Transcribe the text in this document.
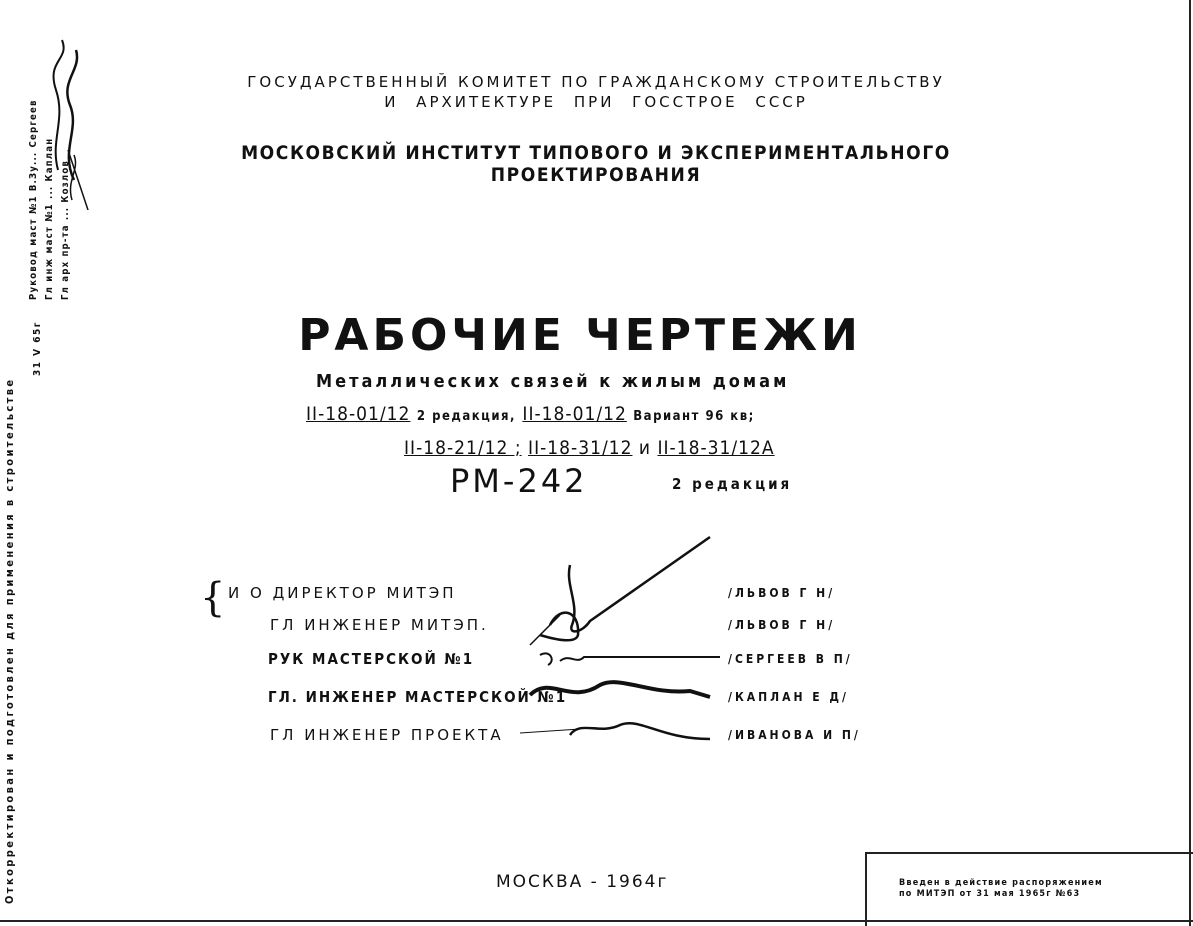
Откорректирован и подготовлен для применения в строительстве
31 V 65г
Руковод маст №1 В.Зу... Сергеев Гл инж маст №1 ... Каплан Гл арх пр-та ... Козлов
ГОСУДАРСТВЕННЫЙ КОМИТЕТ ПО ГРАЖДАНСКОМУ СТРОИТЕЛЬСТВУ
И АРХИТЕКТУРЕ ПРИ ГОССТРОЕ СССР
МОСКОВСКИЙ ИНСТИТУТ ТИПОВОГО И ЭКСПЕРИМЕНТАЛЬНОГО ПРОЕКТИРОВАНИЯ
РАБОЧИЕ ЧЕРТЕЖИ
Металлических связей к жилым домам
II-18-01/12 2 редакция, II-18-01/12 Вариант 96 кв;
II-18-21/12 ; II-18-31/12 и II-18-31/12А
РМ-242	2 редакция
{ И О ДИРЕКТОР МИТЭП	/ЛЬВОВ Г Н/
ГЛ ИНЖЕНЕР МИТЭП.	/ЛЬВОВ Г Н/
РУК МАСТЕРСКОЙ №1	/СЕРГЕЕВ В П/
ГЛ. ИНЖЕНЕР МАСТЕРСКОЙ №1	/КАПЛАН Е Д/
ГЛ ИНЖЕНЕР ПРОЕКТА	/ИВАНОВА И П/
МОСКВА - 1964г	Введен в действие распоряжением
по МИТЭП от 31 мая 1965г №63
